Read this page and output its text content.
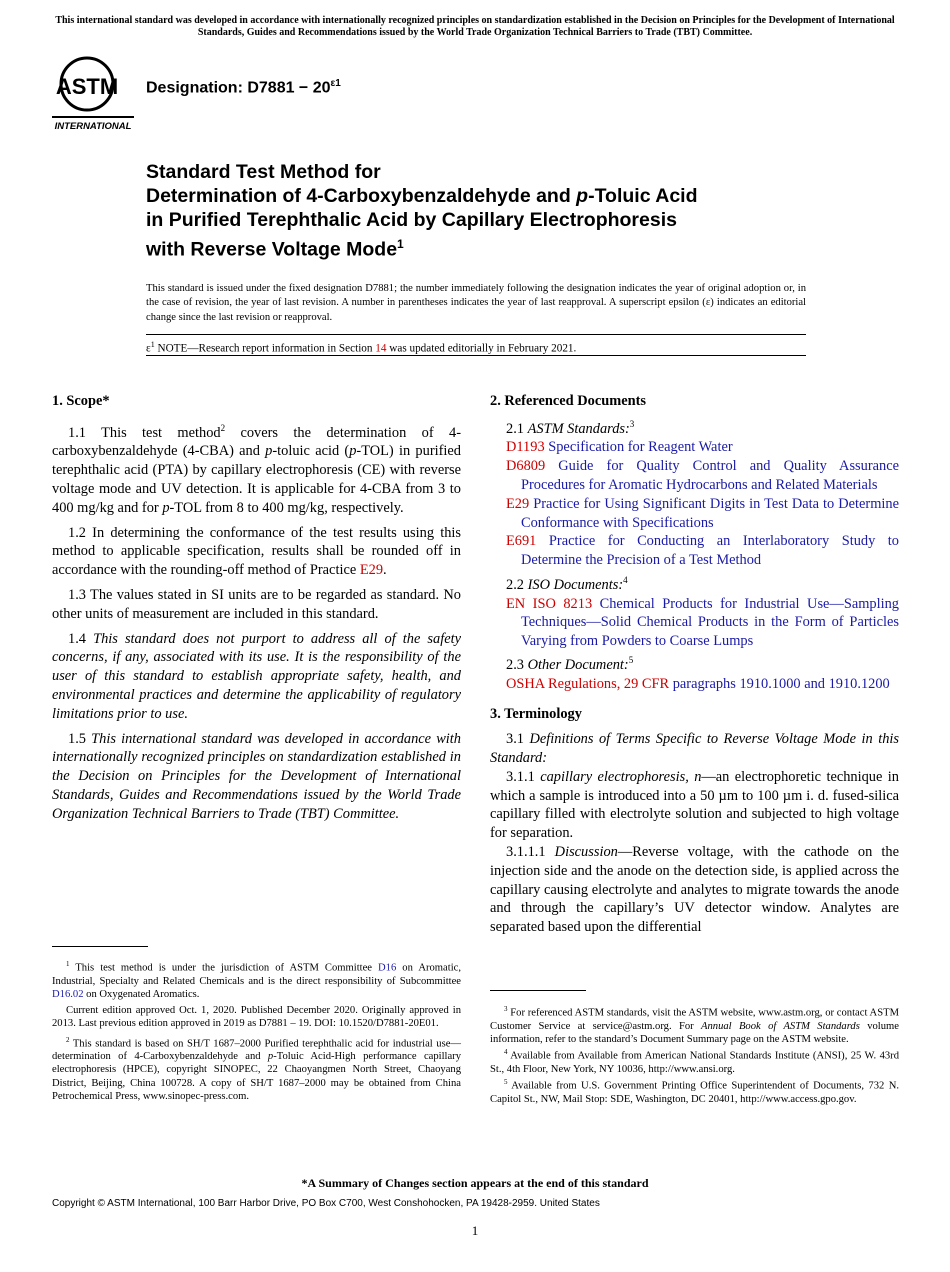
This international standard was developed in accordance with internationally recognized principles on standardization established in the Decision on Principles for the Development of International Standards, Guides and Recommendations issued by the World Trade Organization Technical Barriers to Trade (TBT) Committee.
ASTM
INTERNATIONAL
Designation: $D7881 - 20^{\varepsilon 1}$
Standard Test Method for
Determination of 4-Carboxybenzaldehyde and p-Toluic Acid
in Purified Terephthalic Acid by Capillary Electrophoresis
with Reverse Voltage Mode$^1$
This standard is issued under the fixed designation D7881; the number immediately following the designation indicates the year of original adoption or, in the case of revision, the year of last revision. A number in parentheses indicates the year of last reapproval. A superscript epsilon (ε) indicates an editorial change since the last revision or reapproval.
$\varepsilon^1$ NOTE—Research report information in Section 14 was updated editorially in February 2021.

1. Scope*

1.1 This test method$^2$ covers the determination of 4-carboxybenzaldehyde (4-CBA) and p-toluic acid (p-TOL) in purified terephthalic acid (PTA) by capillary electrophoresis (CE) with reverse voltage mode and UV detection. It is applicable for 4-CBA from 3 to 400 mg/kg and for p-TOL from 8 to 400 mg/kg, respectively.

1.2 In determining the conformance of the test results using this method to applicable specification, results shall be rounded off in accordance with the rounding-off method of Practice E29.

1.3 The values stated in SI units are to be regarded as standard. No other units of measurement are included in this standard.

1.4 This standard does not purport to address all of the safety concerns, if any, associated with its use. It is the responsibility of the user of this standard to establish appropriate safety, health, and environmental practices and determine the applicability of regulatory limitations prior to use.

1.5 This international standard was developed in accordance with internationally recognized principles on standardization established in the Decision on Principles for the Development of International Standards, Guides and Recommendations issued by the World Trade Organization Technical Barriers to Trade (TBT) Committee.

2. Referenced Documents

2.1 ASTM Standards:$^3$

D1193 Specification for Reagent Water

D6809 Guide for Quality Control and Quality Assurance Procedures for Aromatic Hydrocarbons and Related Materials

E29 Practice for Using Significant Digits in Test Data to Determine Conformance with Specifications

E691 Practice for Conducting an Interlaboratory Study to Determine the Precision of a Test Method

2.2 ISO Documents:$^4$

EN ISO 8213 Chemical Products for Industrial Use—Sampling Techniques—Solid Chemical Products in the Form of Particles Varying from Powders to Coarse Lumps

2.3 Other Document:$^5$

OSHA Regulations, 29 CFR paragraphs 1910.1000 and 1910.1200

3. Terminology

3.1 Definitions of Terms Specific to Reverse Voltage Mode in this Standard:

3.1.1 capillary electrophoresis, n—an electrophoretic technique in which a sample is introduced into a 50 µm to 100 µm i. d. fused-silica capillary filled with electrolyte solution and subjected to high voltage for separation.

3.1.1.1 Discussion—Reverse voltage, with the cathode on the injection side and the anode on the detection side, is applied across the capillary causing electrolyte and analytes to migrate towards the anode and through the capillary’s UV detector window. Analytes are separated based upon the differential

$^1$ This test method is under the jurisdiction of ASTM Committee D16 on Aromatic, Industrial, Specialty and Related Chemicals and is the direct responsibility of Subcommittee D16.02 on Oxygenated Aromatics.

Current edition approved Oct. 1, 2020. Published December 2020. Originally approved in 2013. Last previous edition approved in 2019 as D7881 – 19. DOI: 10.1520/D7881-20E01.

$^2$ This standard is based on SH/T 1687–2000 Purified terephthalic acid for industrial use—determination of 4-Carboxybenzaldehyde and p-Toluic Acid-High performance capillary electrophoresis (HPCE), copyright SINOPEC, 22 Chaoyangmen North Street, Chaoyang District, Beijing, China 100728. A copy of SH/T 1687–2000 may be obtained from China Petrochemical Press, www.sinopec-press.com.

$^3$ For referenced ASTM standards, visit the ASTM website, www.astm.org, or contact ASTM Customer Service at service@astm.org. For Annual Book of ASTM Standards volume information, refer to the standard’s Document Summary page on the ASTM website.

$^4$ Available from Available from American National Standards Institute (ANSI), 25 W. 43rd St., 4th Floor, New York, NY 10036, http://www.ansi.org.

$^5$ Available from U.S. Government Printing Office Superintendent of Documents, 732 N. Capitol St., NW, Mail Stop: SDE, Washington, DC 20401, http://www.access.gpo.gov.

*A Summary of Changes section appears at the end of this standard
Copyright © ASTM International, 100 Barr Harbor Drive, PO Box C700, West Conshohocken, PA 19428-2959. United States
1
